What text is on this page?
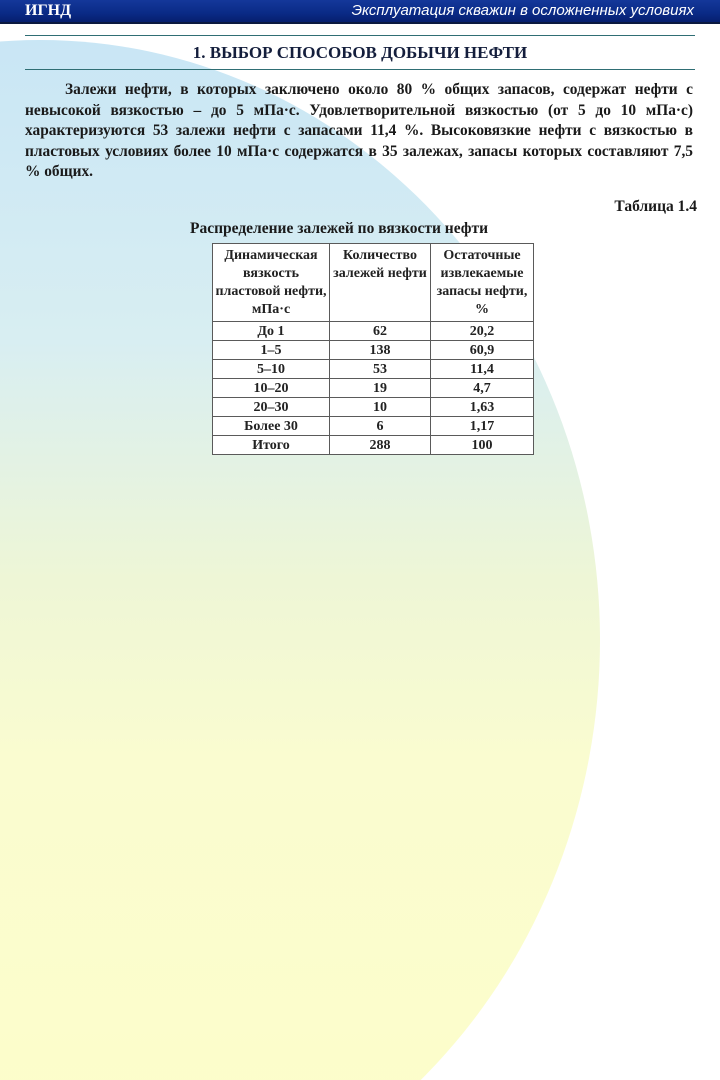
ИГНД	Эксплуатация скважин в осложненных условиях
1. ВЫБОР СПОСОБОВ ДОБЫЧИ НЕФТИ
Залежи нефти, в которых заключено около 80 % общих запасов, содержат нефти с невысокой вязкостью – до 5 мПа·с. Удовлетворительной вязкостью (от 5 до 10 мПа·с) характеризуются 53 залежи нефти с запасами 11,4 %. Высоковязкие нефти с вязкостью в пластовых условиях более 10 мПа·с содержатся в 35 залежах, запасы которых составляют 7,5 % общих.
Таблица 1.4
Распределение залежей по вязкости нефти
Динамическая вязкость пластовой нефти, мПа·с	Количество залежей нефти	Остаточные извлекаемые запасы нефти, %
До 1	62	20,2
1–5	138	60,9
5–10	53	11,4
10–20	19	4,7
20–30	10	1,63
Более 30	6	1,17
Итого	288	100
